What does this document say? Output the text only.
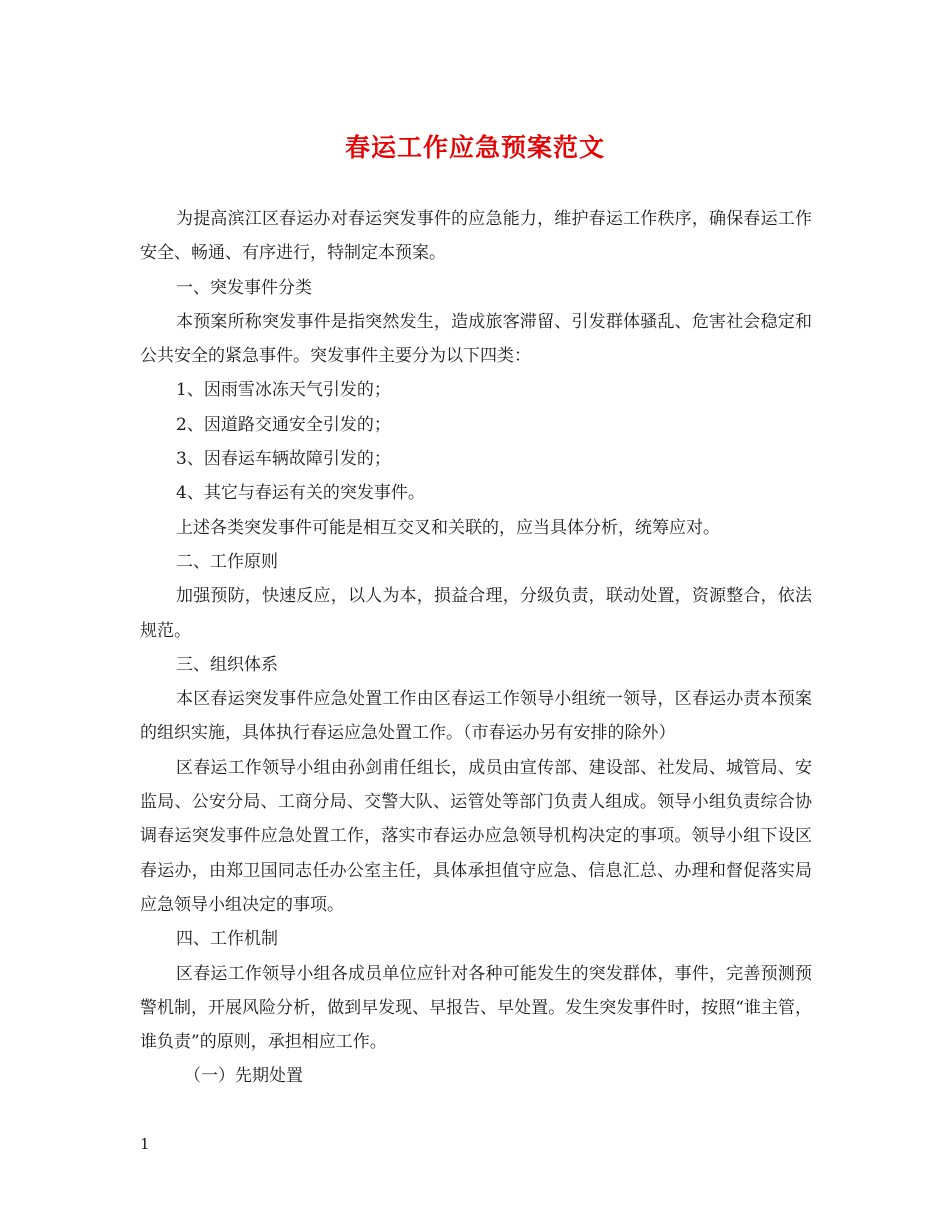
春运工作应急预案范文

为提高滨江区春运办对春运突发事件的应急能力，维护春运工作秩序，确保春运工作安全、畅通、有序进行，特制定本预案。

一、突发事件分类

本预案所称突发事件是指突然发生，造成旅客滞留、引发群体骚乱、危害社会稳定和公共安全的紧急事件。突发事件主要分为以下四类：

1、因雨雪冰冻天气引发的；

2、因道路交通安全引发的；

3、因春运车辆故障引发的；

4、其它与春运有关的突发事件。

上述各类突发事件可能是相互交叉和关联的，应当具体分析，统筹应对。

二、工作原则

加强预防，快速反应，以人为本，损益合理，分级负责，联动处置，资源整合，依法规范。

三、组织体系

本区春运突发事件应急处置工作由区春运工作领导小组统一领导，区春运办责本预案的组织实施，具体执行春运应急处置工作。（市春运办另有安排的除外）

区春运工作领导小组由孙剑甫任组长，成员由宣传部、建设部、社发局、城管局、安监局、公安分局、工商分局、交警大队、运管处等部门负责人组成。领导小组负责综合协调春运突发事件应急处置工作，落实市春运办应急领导机构决定的事项。领导小组下设区春运办，由郑卫国同志任办公室主任，具体承担值守应急、信息汇总、办理和督促落实局应急领导小组决定的事项。

四、工作机制

区春运工作领导小组各成员单位应针对各种可能发生的突发群体，事件，完善预测预警机制，开展风险分析，做到早发现、早报告、早处置。发生突发事件时，按照“谁主管，谁负责”的原则，承担相应工作。

（一）先期处置

1
